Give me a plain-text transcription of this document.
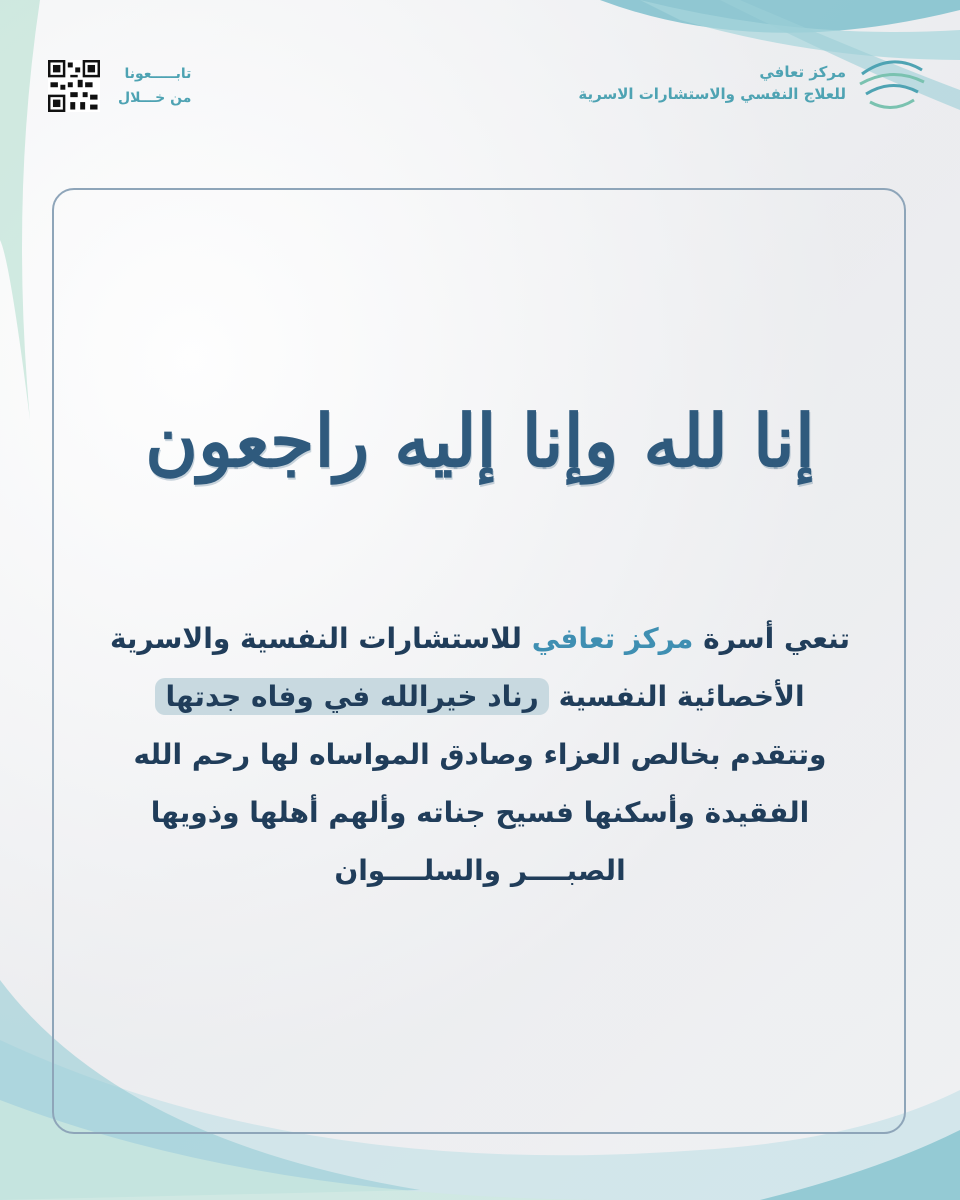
مركز تعافي
للعلاج النفسي والاستشارات الاسرية
تابـــــعونا
من خـــلال
إنا لله وإنا إليه راجعون
تنعي أسرة مركز تعافي للاستشارات النفسية والاسرية
الأخصائية النفسية رناد خيرالله في وفاه جدتها
وتتقدم بخالص العزاء وصادق المواساه لها رحم الله
الفقيدة وأسكنها فسيح جناته وألهم أهلها وذويها
الصبــــر والسلــــوان
